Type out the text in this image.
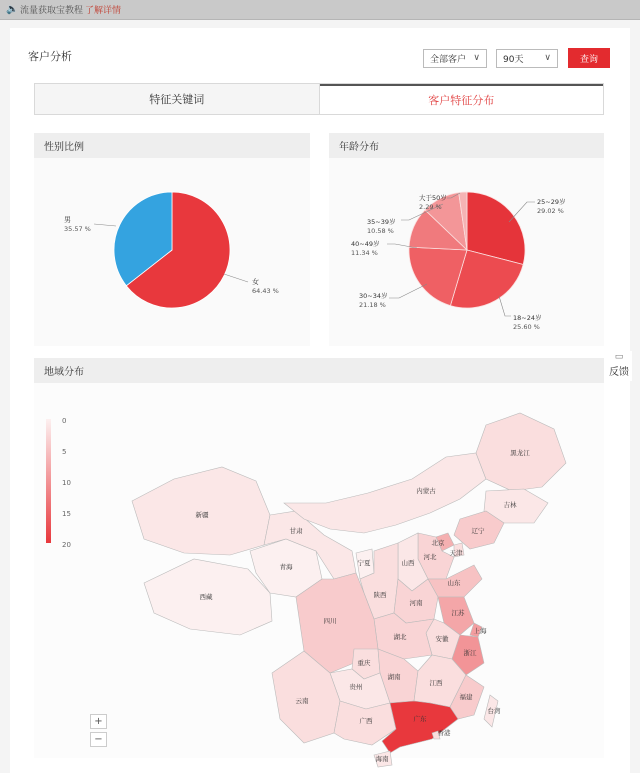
🔈 流量获取宝教程 了解详情
客户分析	全部客户 ∨	90天 ∨	查询
特征关键词	客户特征分布
性别比例
男
35.57 %
女
64.43 %
年龄分布
25~29岁
29.02 %
18~24岁
25.60 %
30~34岁
21.18 %
40~49岁
11.34 %
35~39岁
10.58 %
大于50岁
2.29 %
地域分布
0
5
10
15
20
新疆
西藏
青海
甘肃
内蒙古
黑龙江
吉林
辽宁
北京
天津
河北
山西
宁夏
陕西
山东
河南
江苏
安徽
上海
湖北
四川
重庆
浙江
湖南
江西
贵州
福建
云南
广西	广东
台湾
香港
海南
▭
反馈
+
−
